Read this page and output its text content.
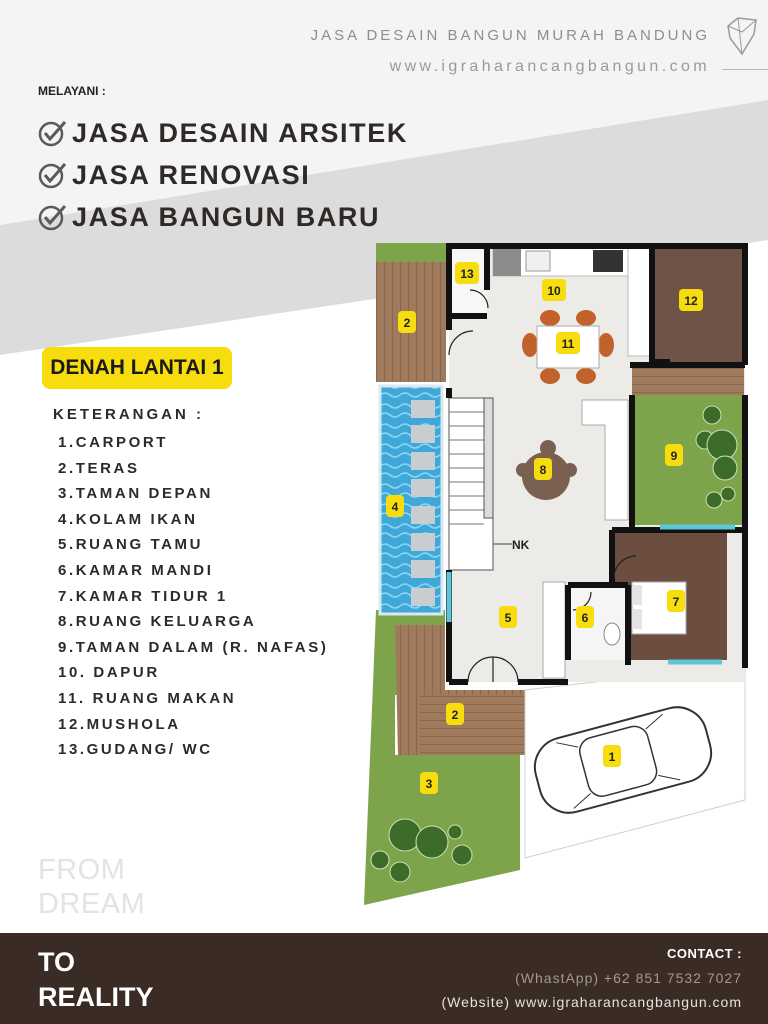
JASA DESAIN BANGUN MURAH BANDUNG
www.igraharancangbangun.com
MELAYANI :
JASA DESAIN ARSITEK
JASA RENOVASI
JASA BANGUN BARU
DENAH LANTAI 1
KETERANGAN :
1.CARPORT
2.TERAS
3.TAMAN DEPAN
4.KOLAM IKAN
5.RUANG TAMU
6.KAMAR MANDI
7.KAMAR TIDUR 1
8.RUANG KELUARGA
9.TAMAN DALAM (R. NAFAS)
10. DAPUR
11. RUANG MAKAN
12.MUSHOLA
13.GUDANG/ WC	1
2
2
3
4
5	6
7
8
9
10
11
12
13
NK
FROM
DREAM
TO
REALITY
CONTACT :
(WhastApp) +62 851 7532 7027
(Website) www.igraharancangbangun.com
